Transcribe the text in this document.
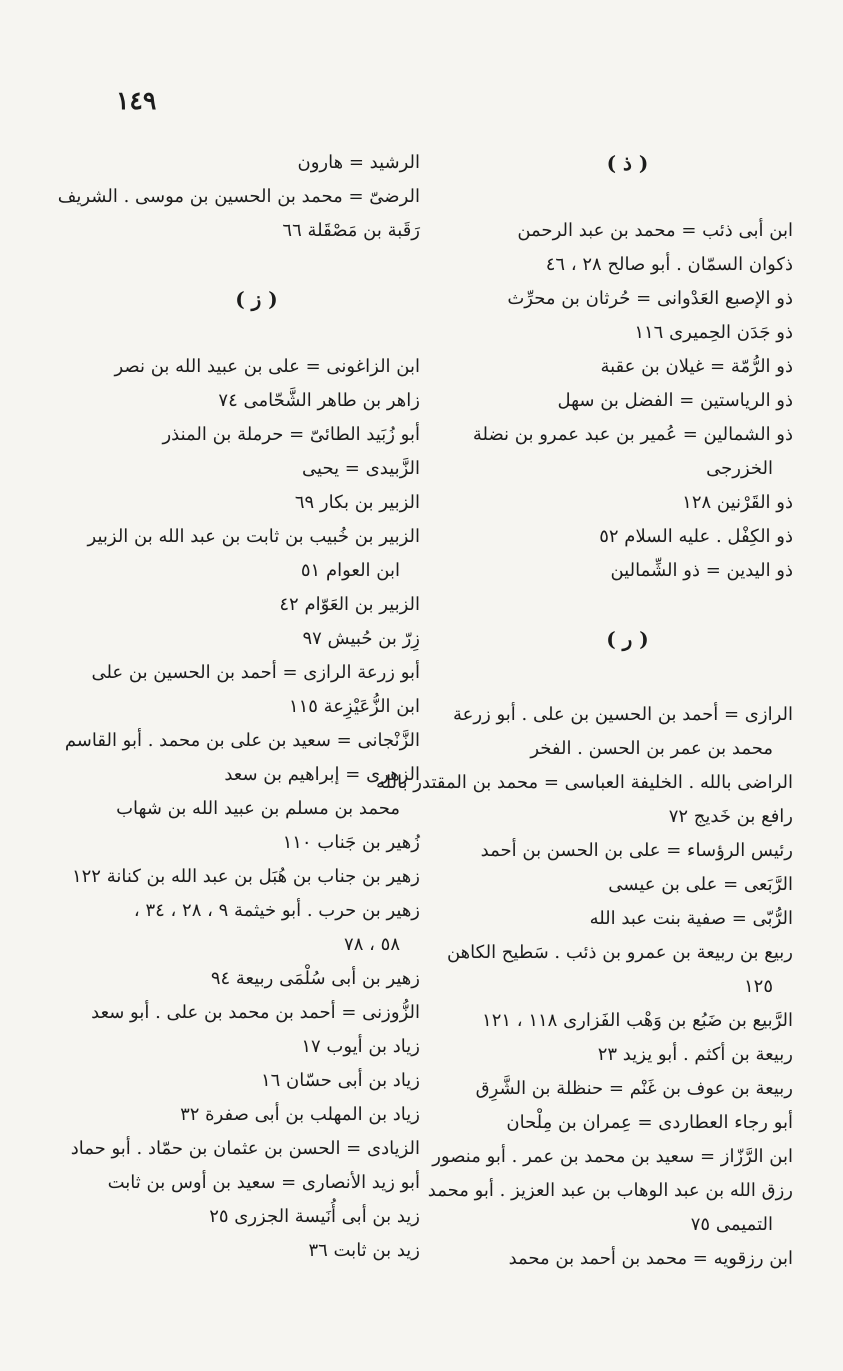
١٤٩
( ذ )
ابن أبى ذئب = محمد بن عبد الرحمن
ذكوان السمّان . أبو صالح ٢٨ ، ٤٦
ذو الإصبع العَدْوانى = حُرثان بن محرِّث
ذو جَدَن الحِميرى ١١٦
ذو الرُّمّة = غيلان بن عقبة
ذو الرياستين = الفضل بن سهل
ذو الشمالين = عُمير بن عبد عمرو بن نضلة
الخزرجى
ذو القَرْنين ١٢٨
ذو الكِفْل . عليه السلام ٥٢
ذو اليدين = ذو الشِّمالين
( ر )
الرازى = أحمد بن الحسين بن على . أبو زرعة
محمد بن عمر بن الحسن . الفخر
الراضى بالله . الخليفة العباسى = محمد بن المقتدر بالله
رافع بن خَديج ٧٢
رئيس الرؤساء = على بن الحسن بن أحمد
الرَّبَعى = على بن عيسى
الرُّبّى = صفية بنت عبد الله
ربيع بن ربيعة بن عمرو بن ذئب . سَطيح الكاهن
١٢٥
الرَّبيع بن ضَبُع بن وَهْب الفَزارى ١١٨ ، ١٢١
ربيعة بن أكثم . أبو يزيد ٢٣
ربيعة بن عوف بن غَنْم = حنظلة بن الشَّرِق
أبو رجاء العطاردى = عِمران بن مِلْحان
ابن الرَّزّاز = سعيد بن محمد بن عمر . أبو منصور
رزق الله بن عبد الوهاب بن عبد العزيز . أبو محمد
التميمى ٧٥
ابن رزقويه = محمد بن أحمد بن محمد
الرشيد = هارون
الرضىّ = محمد بن الحسين بن موسى . الشريف
رَقَبة بن مَصْقَلة ٦٦
( ز )
ابن الزاغونى = على بن عبيد الله بن نصر
زاهر بن طاهر الشَّحّامى ٧٤
أبو زُبَيد الطائىّ = حرملة بن المنذر
الزَّبيدى = يحيى
الزبير بن بكار ٦٩
الزبير بن خُبيب بن ثابت بن عبد الله بن الزبير
ابن العوام ٥١
الزبير بن العَوّام ٤٢
زِرّ بن حُبيش ٩٧
أبو زرعة الرازى = أحمد بن الحسين بن على
ابن الزُّعَيْزِعة ١١٥
الزَّنْجانى = سعيد بن على بن محمد . أبو القاسم
الزهرى = إبراهيم بن سعد
محمد بن مسلم بن عبيد الله بن شهاب
زُهير بن جَناب ١١٠
زهير بن جناب بن هُبَل بن عبد الله بن كنانة ١٢٢
زهير بن حرب . أبو خيثمة ٩ ، ٢٨ ، ٣٤ ،
٥٨ ، ٧٨
زهير بن أبى سُلْمَى ربيعة ٩٤
الزُّوزنى = أحمد بن محمد بن على . أبو سعد
زياد بن أيوب ١٧
زياد بن أبى حسّان ١٦
زياد بن المهلب بن أبى صفرة ٣٢
الزيادى = الحسن بن عثمان بن حمّاد . أبو حماد
أبو زيد الأنصارى = سعيد بن أوس بن ثابت
زيد بن أبى أُنَيسة الجزرى ٢٥
زيد بن ثابت ٣٦
